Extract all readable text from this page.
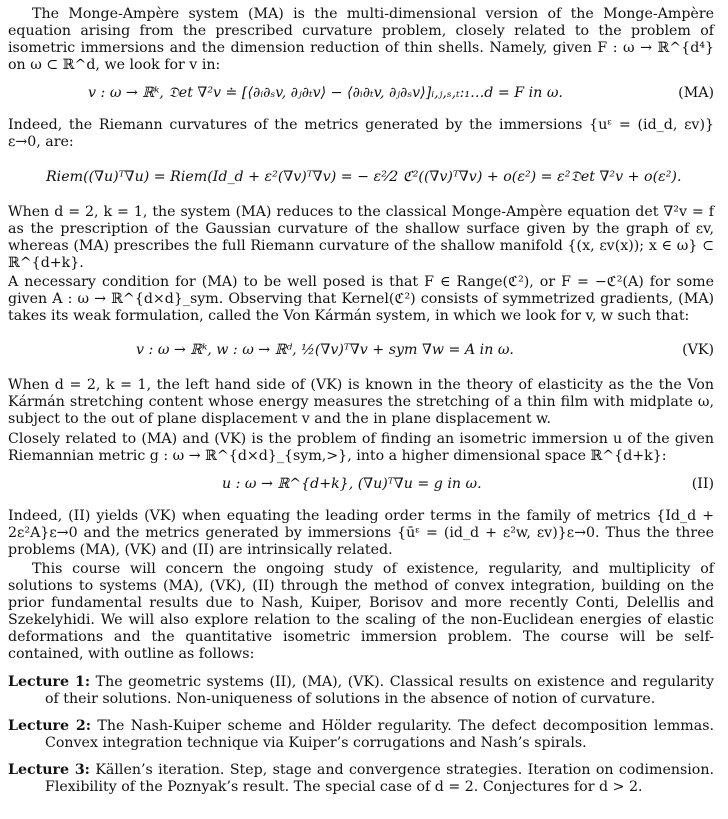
The Monge-Ampère system (MA) is the multi-dimensional version of the Monge-Ampère equation arising from the prescribed curvature problem, closely related to the problem of isometric immersions and the dimension reduction of thin shells. Namely, given F : ω → ℝ^{d⁴} on ω ⊂ ℝ^d, we look for v in:

v : ω → ℝᵏ, 𝔇et ∇²v ≐ [⟨∂ᵢ∂ₛv, ∂ⱼ∂ₜv⟩ − ⟨∂ᵢ∂ₜv, ∂ⱼ∂ₛv⟩]ᵢ,ⱼ,ₛ,ₜ:₁…d = F in ω.	(MA)

Indeed, the Riemann curvatures of the metrics generated by the immersions {uᵋ = (id_d, εv)}ε→0, are:

Riem((∇u)ᵀ∇u) = Riem(Id_d + ε²(∇v)ᵀ∇v) = − ε²⁄2 ℭ²((∇v)ᵀ∇v) + o(ε²) = ε²𝔇et ∇²v + o(ε²).

When d = 2, k = 1, the system (MA) reduces to the classical Monge-Ampère equation det ∇²v = f as the prescription of the Gaussian curvature of the shallow surface given by the graph of εv, whereas (MA) prescribes the full Riemann curvature of the shallow manifold {(x, εv(x)); x ∈ ω} ⊂ ℝ^{d+k}.

A necessary condition for (MA) to be well posed is that F ∈ Range(ℭ²), or F = −ℭ²(A) for some given A : ω → ℝ^{d×d}_sym. Observing that Kernel(ℭ²) consists of symmetrized gradients, (MA) takes its weak formulation, called the Von Kármán system, in which we look for v, w such that:

v : ω → ℝᵏ, w : ω → ℝᵈ, ½(∇v)ᵀ∇v + sym ∇w = A in ω.	(VK)

When d = 2, k = 1, the left hand side of (VK) is known in the theory of elasticity as the the Von Kármán stretching content whose energy measures the stretching of a thin film with midplate ω, subject to the out of plane displacement v and the in plane displacement w.

Closely related to (MA) and (VK) is the problem of finding an isometric immersion u of the given Riemannian metric g : ω → ℝ^{d×d}_{sym,>}, into a higher dimensional space ℝ^{d+k}:

u : ω → ℝ^{d+k}, (∇u)ᵀ∇u = g in ω.	(II)

Indeed, (II) yields (VK) when equating the leading order terms in the family of metrics {Id_d + 2ε²A}ε→0 and the metrics generated by immersions {ūᵋ = (id_d + ε²w, εv)}ε→0. Thus the three problems (MA), (VK) and (II) are intrinsically related.

This course will concern the ongoing study of existence, regularity, and multiplicity of solutions to systems (MA), (VK), (II) through the method of convex integration, building on the prior fundamental results due to Nash, Kuiper, Borisov and more recently Conti, Delellis and Szekelyhidi. We will also explore relation to the scaling of the non-Euclidean energies of elastic deformations and the quantitative isometric immersion problem. The course will be self-contained, with outline as follows:

Lecture 1: The geometric systems (II), (MA), (VK). Classical results on existence and regularity of their solutions. Non-uniqueness of solutions in the absence of notion of curvature.
Lecture 2: The Nash-Kuiper scheme and Hölder regularity. The defect decomposition lemmas. Convex integration technique via Kuiper’s corrugations and Nash’s spirals.
Lecture 3: Källen’s iteration. Step, stage and convergence strategies. Iteration on codimension. Flexibility of the Poznyak’s result. The special case of d = 2. Conjectures for d > 2.
